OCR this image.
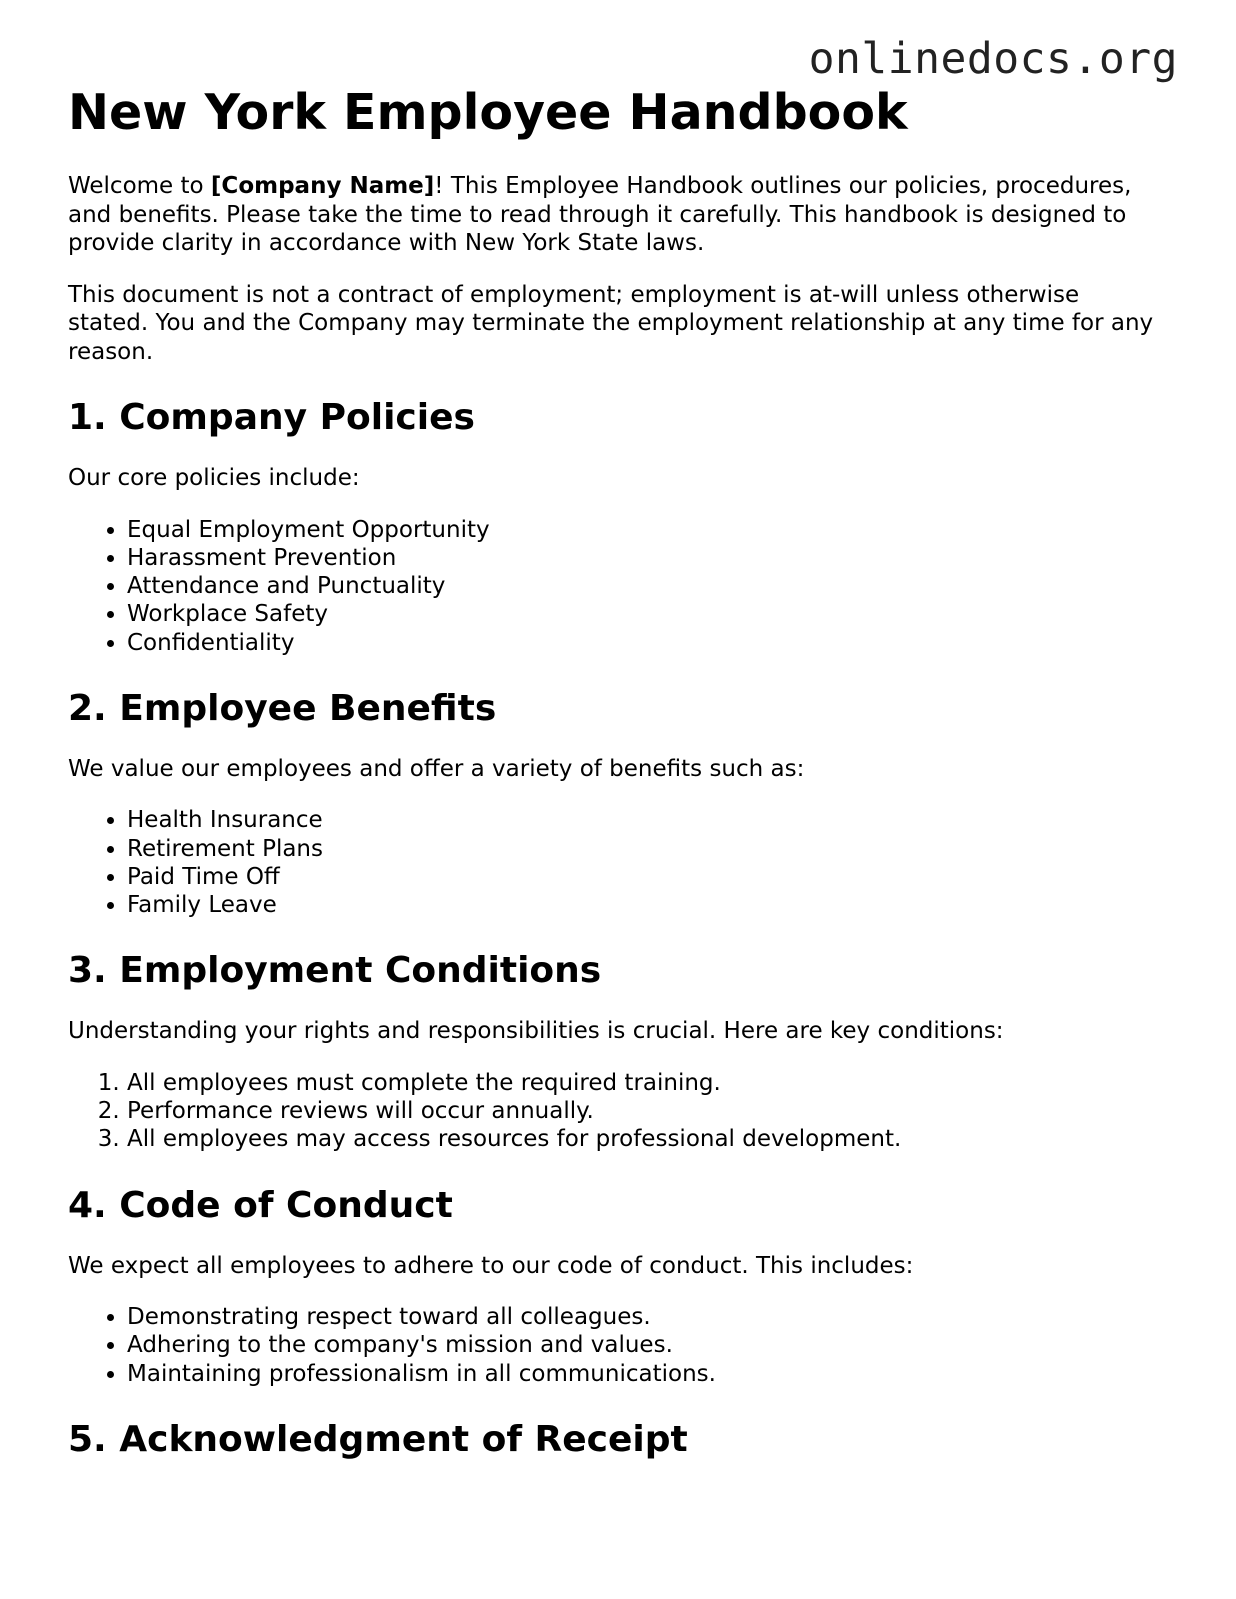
onlinedocs.org
New York Employee Handbook

Welcome to [Company Name]! This Employee Handbook outlines our policies, procedures, and benefits. Please take the time to read through it carefully. This handbook is designed to provide clarity in accordance with New York State laws.

This document is not a contract of employment; employment is at-will unless otherwise stated. You and the Company may terminate the employment relationship at any time for any reason.

1. Company Policies

Our core policies include:

• Equal Employment Opportunity
• Harassment Prevention
• Attendance and Punctuality
• Workplace Safety
• Confidentiality
2. Employee Benefits

We value our employees and offer a variety of benefits such as:

• Health Insurance
• Retirement Plans
• Paid Time Off
• Family Leave
3. Employment Conditions

Understanding your rights and responsibilities is crucial. Here are key conditions:

1. All employees must complete the required training.
2. Performance reviews will occur annually.
3. All employees may access resources for professional development.
4. Code of Conduct

We expect all employees to adhere to our code of conduct. This includes:

• Demonstrating respect toward all colleagues.
• Adhering to the company's mission and values.
• Maintaining professionalism in all communications.
5. Acknowledgment of Receipt
